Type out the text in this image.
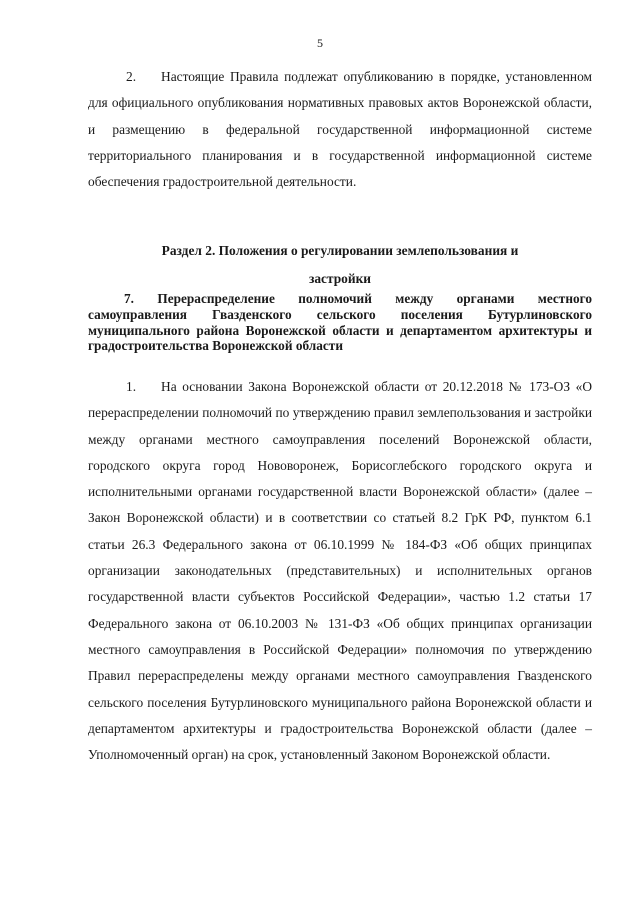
5
2. Настоящие Правила подлежат опубликованию в порядке, установленном для официального опубликования нормативных правовых актов Воронежской области, и размещению в федеральной государственной информационной системе территориального планирования и в государственной информационной системе обеспечения градостроительной деятельности.
Раздел 2. Положения о регулировании землепользования и
застройки
7. Перераспределение полномочий между органами местного самоуправления Гвазденского сельского поселения Бутурлиновского муниципального района Воронежской области и департаментом архитектуры и градостроительства Воронежской области
1. На основании Закона Воронежской области от 20.12.2018 № 173-ОЗ «О перераспределении полномочий по утверждению правил землепользования и застройки между органами местного самоуправления поселений Воронежской области, городского округа город Нововоронеж, Борисоглебского городского округа и исполнительными органами государственной власти Воронежской области» (далее – Закон Воронежской области) и в соответствии со статьей 8.2 ГрК РФ, пунктом 6.1 статьи 26.3 Федерального закона от 06.10.1999 № 184-ФЗ «Об общих принципах организации законодательных (представительных) и исполнительных органов государственной власти субъектов Российской Федерации», частью 1.2 статьи 17 Федерального закона от 06.10.2003 № 131-ФЗ «Об общих принципах организации местного самоуправления в Российской Федерации» полномочия по утверждению Правил перераспределены между органами местного самоуправления Гвазденского сельского поселения Бутурлиновского муниципального района Воронежской области и департаментом архитектуры и градостроительства Воронежской области (далее – Уполномоченный орган) на срок, установленный Законом Воронежской области.
